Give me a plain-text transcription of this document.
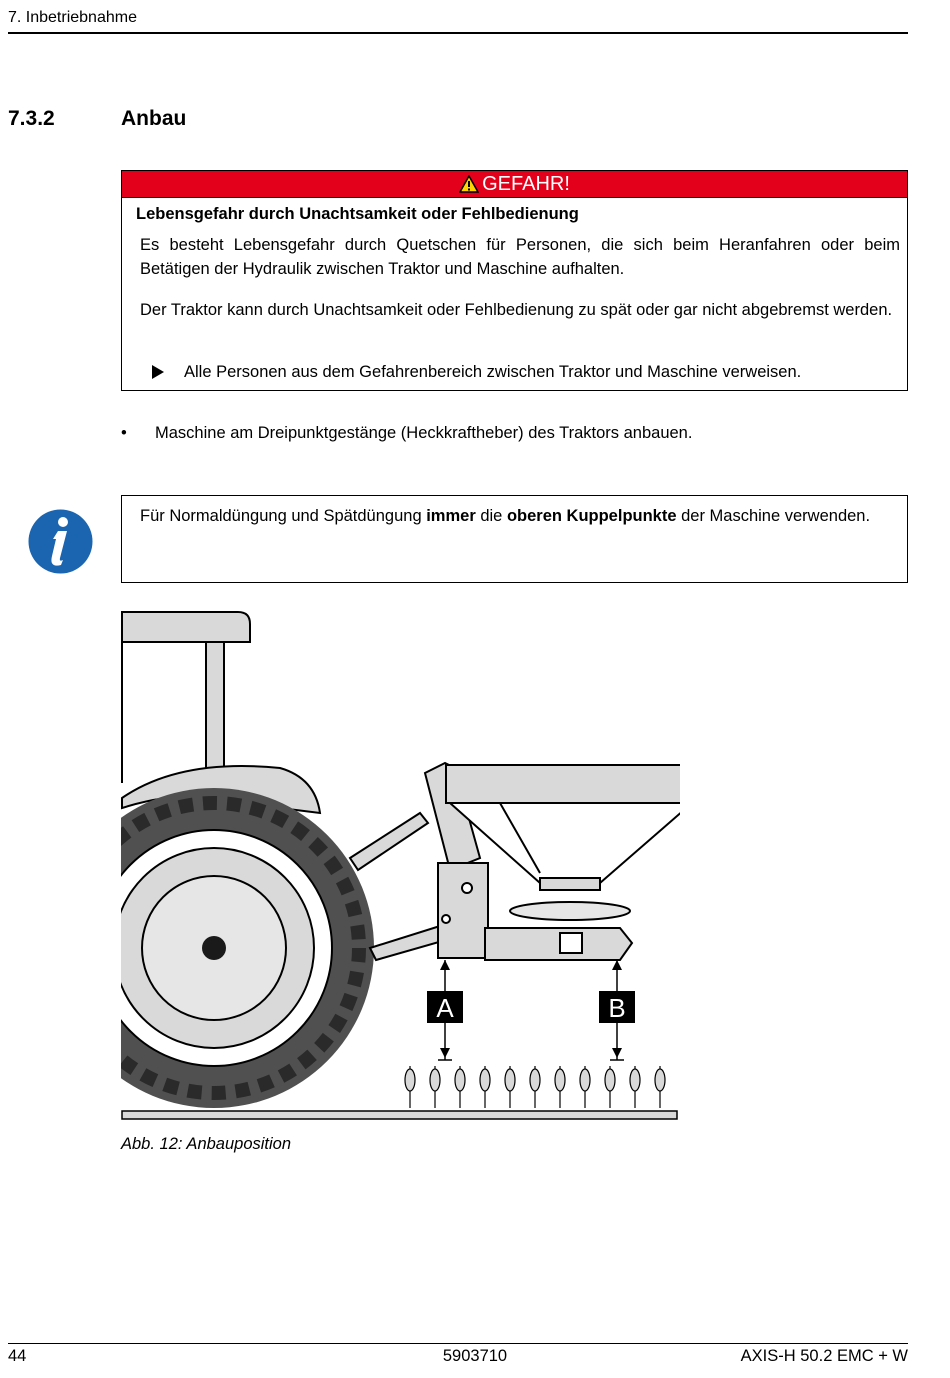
7. Inbetriebnahme
7.3.2	Anbau
GEFAHR!
Lebensgefahr durch Unachtsamkeit oder Fehlbedienung
Es besteht Lebensgefahr durch Quetschen für Personen, die sich beim Heranfahren oder beim Betätigen der Hydraulik zwischen Traktor und Maschine aufhalten.
Der Traktor kann durch Unachtsamkeit oder Fehlbedienung zu spät oder gar nicht abgebremst werden.
Alle Personen aus dem Gefahrenbereich zwischen Traktor und Maschine verweisen.
• Maschine am Dreipunktgestänge (Heckkraftheber) des Traktors anbauen.
Für Normaldüngung und Spätdüngung immer die oberen Kuppelpunkte der Maschine verwenden.
A	B
Abb. 12: Anbauposition
44	5903710	AXIS-H 50.2 EMC + W
